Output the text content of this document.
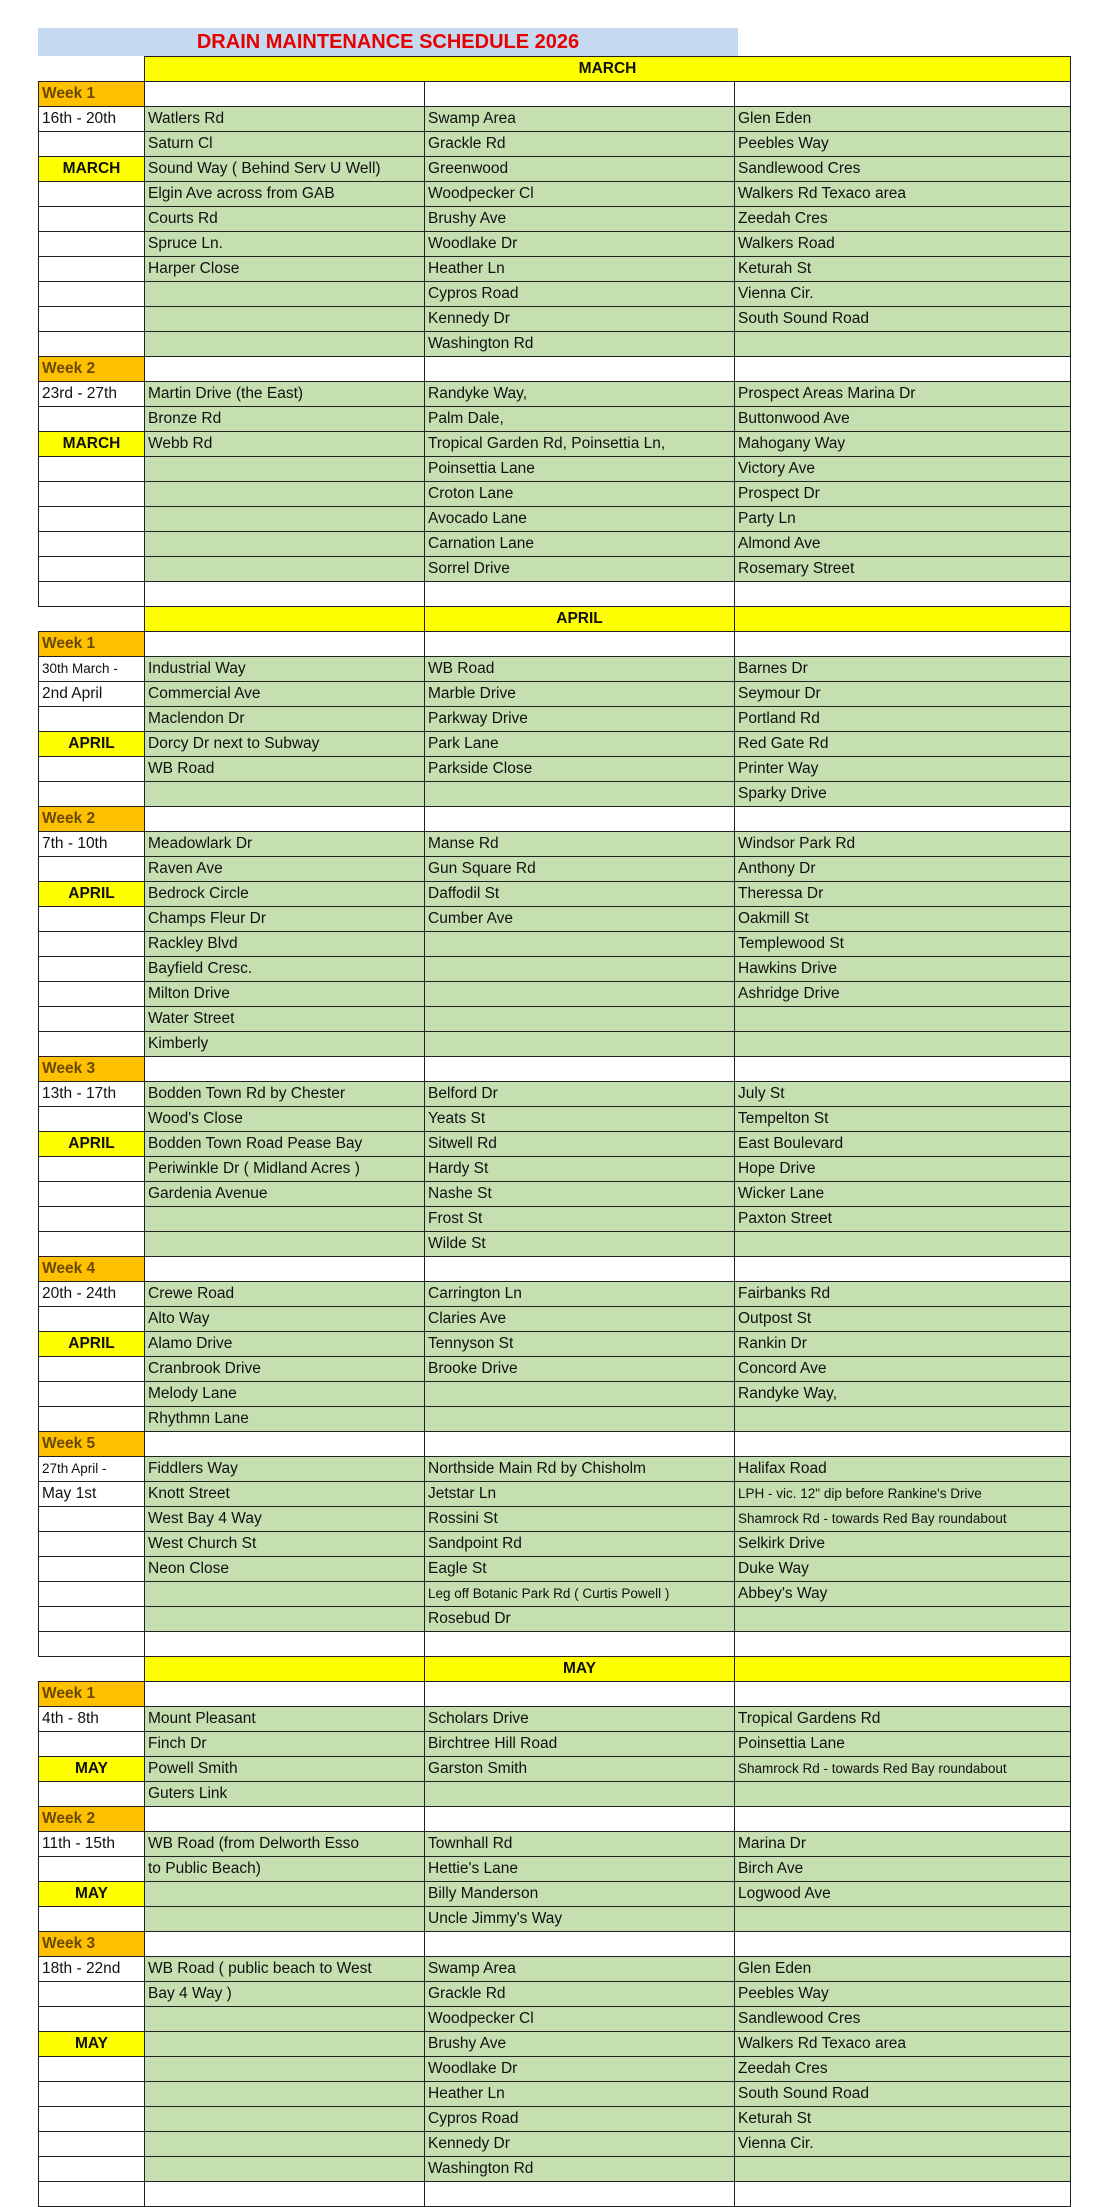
DRAIN MAINTENANCE SCHEDULE 2026
	MARCH		
Week 1			
16th - 20th	Watlers Rd	Swamp Area	Glen Eden
	Saturn Cl	Grackle Rd	Peebles Way
MARCH	Sound Way ( Behind Serv U Well)	Greenwood	Sandlewood Cres
	Elgin Ave across from GAB	Woodpecker Cl	Walkers Rd Texaco area
	Courts Rd	Brushy Ave	Zeedah Cres
	Spruce Ln.	Woodlake Dr	Walkers Road
	Harper Close	Heather Ln	Keturah St
		Cypros Road	Vienna Cir.
		Kennedy Dr	South Sound Road
		Washington Rd	
Week 2			
23rd - 27th	Martin Drive (the East)	Randyke Way,	Prospect Areas Marina Dr
	Bronze Rd	Palm Dale,	Buttonwood Ave
MARCH	Webb Rd	Tropical Garden Rd, Poinsettia Ln,	Mahogany Way
		Poinsettia Lane	Victory Ave
		Croton Lane	Prospect Dr
		Avocado Lane	Party Ln
		Carnation Lane	Almond Ave
		Sorrel Drive	Rosemary Street

		APRIL	
Week 1			
30th March -	Industrial Way	WB Road	Barnes Dr
2nd April	Commercial Ave	Marble Drive	Seymour Dr
	Maclendon Dr	Parkway Drive	Portland Rd
APRIL	Dorcy Dr next to Subway	Park Lane	Red Gate Rd
	WB Road	Parkside Close	Printer Way
			Sparky Drive
Week 2			
7th - 10th	Meadowlark Dr	Manse Rd	Windsor Park Rd
	Raven Ave	Gun Square Rd	Anthony Dr
APRIL	Bedrock Circle	Daffodil St	Theressa Dr
	Champs Fleur Dr	Cumber Ave	Oakmill St
	Rackley Blvd		Templewood St
	Bayfield Cresc.		Hawkins Drive
	Milton Drive		Ashridge Drive
	Water Street		
	Kimberly		
Week 3			
13th - 17th	Bodden Town Rd by Chester	Belford Dr	July St
	Wood's Close	Yeats St	Tempelton St
APRIL	Bodden Town Road Pease Bay	Sitwell Rd	East Boulevard
	Periwinkle Dr ( Midland Acres )	Hardy St	Hope Drive
	Gardenia Avenue	Nashe St	Wicker Lane
		Frost St	Paxton Street
		Wilde St	
Week 4			
20th - 24th	Crewe Road	Carrington Ln	Fairbanks Rd
	Alto Way	Claries Ave	Outpost St
APRIL	Alamo Drive	Tennyson St	Rankin Dr
	Cranbrook Drive	Brooke Drive	Concord Ave
	Melody Lane		Randyke Way,
	Rhythmn Lane		
Week 5			
27th April -	Fiddlers Way	Northside Main Rd by Chisholm	Halifax Road
May 1st	Knott Street	Jetstar Ln	LPH - vic. 12" dip before Rankine's Drive
	West Bay 4 Way	Rossini St	Shamrock Rd - towards Red Bay roundabout
	West Church St	Sandpoint Rd	Selkirk Drive
	Neon Close	Eagle St	Duke Way
		Leg off Botanic Park Rd ( Curtis Powell )	Abbey's Way
		Rosebud Dr	

		MAY	
Week 1			
4th - 8th	Mount Pleasant	Scholars Drive	Tropical Gardens Rd
	Finch Dr	Birchtree Hill Road	Poinsettia Lane
MAY	Powell Smith	Garston Smith	Shamrock Rd - towards Red Bay roundabout
	Guters Link		
Week 2			
11th - 15th	WB Road (from Delworth Esso	Townhall Rd	Marina Dr
	to Public Beach)	Hettie's Lane	Birch Ave
MAY		Billy Manderson	Logwood Ave
		Uncle Jimmy's Way	
Week 3			
18th - 22nd	WB Road ( public beach to West	Swamp Area	Glen Eden
	Bay 4 Way )	Grackle Rd	Peebles Way
		Woodpecker Cl	Sandlewood Cres
MAY		Brushy Ave	Walkers Rd Texaco area
		Woodlake Dr	Zeedah Cres
		Heather Ln	South Sound Road
		Cypros Road	Keturah St
		Kennedy Dr	Vienna Cir.
		Washington Rd	
